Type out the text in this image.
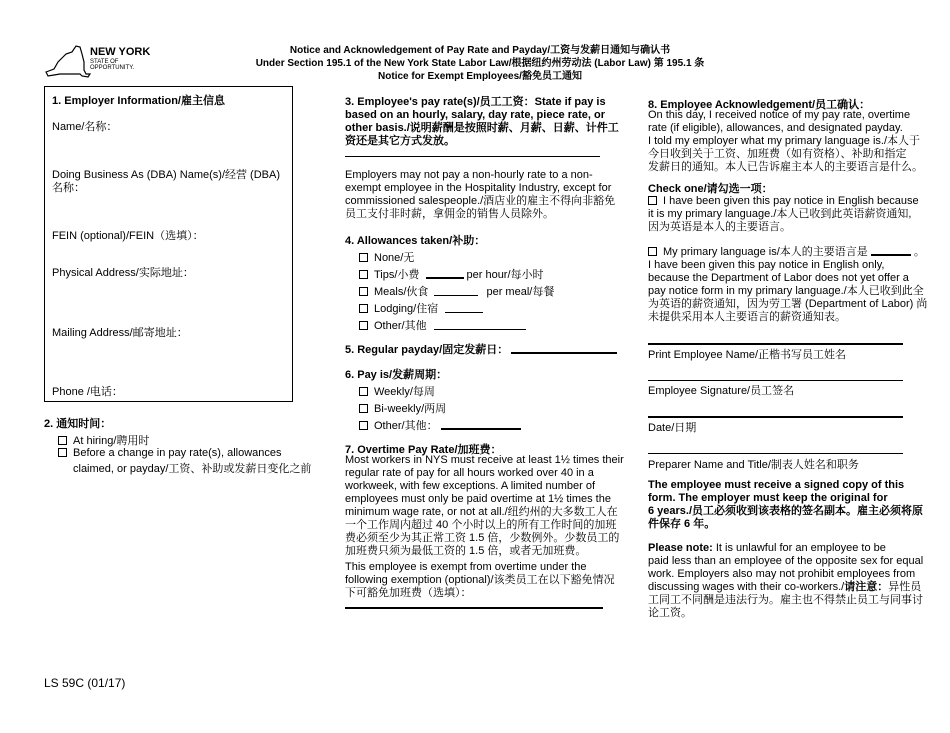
NEW YORK
STATE OF
OPPORTUNITY.
Notice and Acknowledgement of Pay Rate and Payday/工资与发薪日通知与确认书
Under Section 195.1 of the New York State Labor Law/根据纽约州劳动法 (Labor Law) 第 195.1 条
Notice for Exempt Employees/豁免员工通知
1. Employer Information/雇主信息
Name/名称：
Doing Business As (DBA) Name(s)/经营 (DBA)
名称：
FEIN (optional)/FEIN（选填）：
Physical Address/实际地址：
Mailing Address/邮寄地址：
Phone /电话：
2. 通知时间：
At hiring/聘用时
Before a change in pay rate(s), allowances
claimed, or payday/工资、补助或发薪日变化之前
3. Employee's pay rate(s)/员工工资：State if pay is
based on an hourly, salary, day rate, piece rate, or
other basis./说明薪酬是按照时薪、月薪、日薪、计件工
资还是其它方式发放。
Employers may not pay a non-hourly rate to a non-
exempt employee in the Hospitality Industry, except for
commissioned salespeople./酒店业的雇主不得向非豁免
员工支付非时薪，拿佣金的销售人员除外。
4. Allowances taken/补助：
None/无
Tips/小费	per hour/每小时
Meals/伙食	per meal/每餐
Lodging/住宿
Other/其他
5. Regular payday/固定发薪日：
6. Pay is/发薪周期：
Weekly/每周
Bi-weekly/两周
Other/其他：
7. Overtime Pay Rate/加班费：
Most workers in NYS must receive at least 1½ times their
regular rate of pay for all hours worked over 40 in a
workweek, with few exceptions. A limited number of
employees must only be paid overtime at 1½ times the
minimum wage rate, or not at all./纽约州的大多数工人在
一个工作周内超过 40 个小时以上的所有工作时间的加班
费必须至少为其正常工资 1.5 倍，少数例外。少数员工的
加班费只须为最低工资的 1.5 倍，或者无加班费。
This employee is exempt from overtime under the
following exemption (optional)/该类员工在以下豁免情况
下可豁免加班费（选填）：
8. Employee Acknowledgement/员工确认：
On this day, I received notice of my pay rate, overtime
rate (if eligible), allowances, and designated payday.
I told my employer what my primary language is./本人于
今日收到关于工资、加班费（如有资格）、补助和指定
发薪日的通知。本人已告诉雇主本人的主要语言是什么。
Check one/请勾选一项：
I have been given this pay notice in English because
it is my primary language./本人已收到此英语薪资通知,
因为英语是本人的主要语言。
My primary language is/本人的主要语言是	。
I have been given this pay notice in English only,
because the Department of Labor does not yet offer a
pay notice form in my primary language./本人已收到此全
为英语的薪资通知，因为劳工署 (Department of Labor) 尚
未提供采用本人主要语言的薪资通知表。
Print Employee Name/正楷书写员工姓名
Employee Signature/员工签名
Date/日期
Preparer Name and Title/制表人姓名和职务
The employee must receive a signed copy of this
form. The employer must keep the original for
6 years./员工必须收到该表格的签名副本。雇主必须将原
件保存 6 年。
Please note: It is unlawful for an employee to be
paid less than an employee of the opposite sex for equal
work. Employers also may not prohibit employees from
discussing wages with their co-workers./请注意：异性员
工同工不同酬是违法行为。雇主也不得禁止员工与同事讨
论工资。
LS 59C (01/17)
